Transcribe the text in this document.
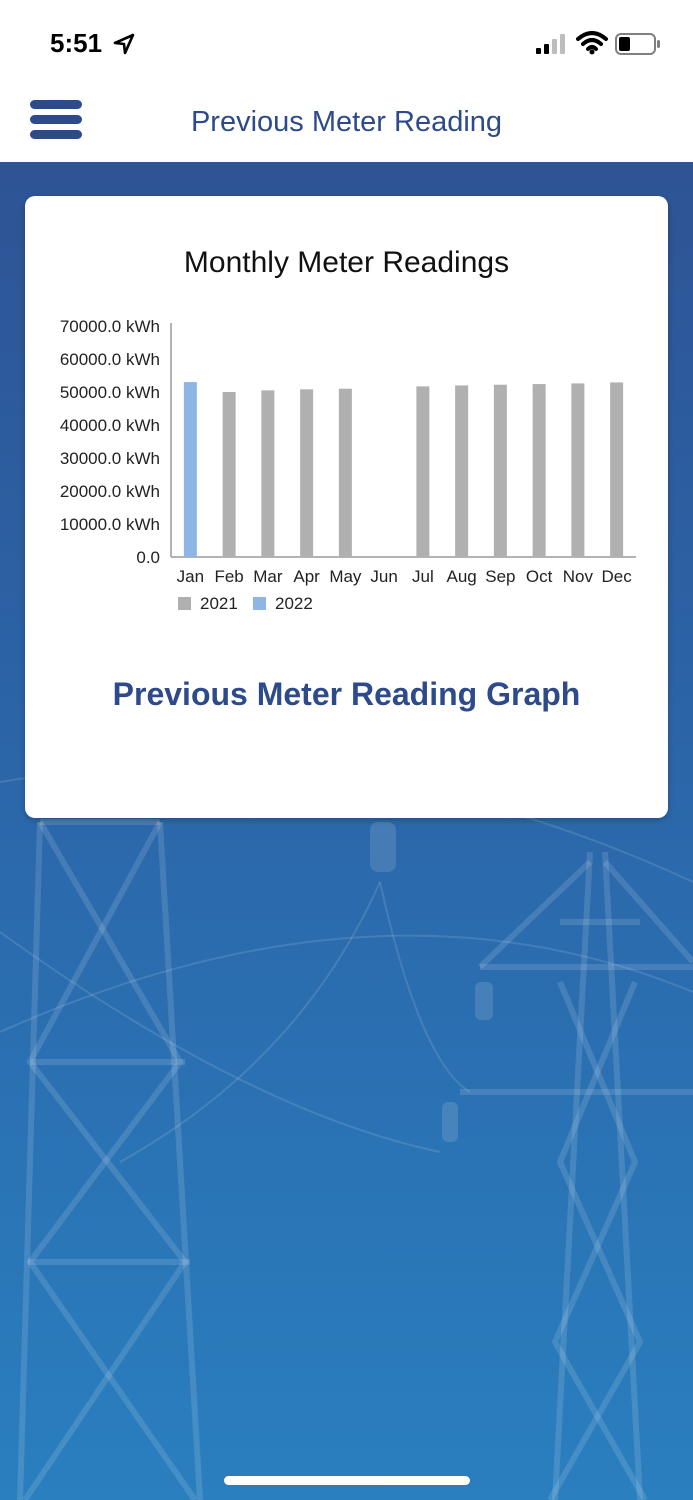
5:51
Previous Meter Reading
Monthly Meter Readings
0.0
10000.0 kWh
20000.0 kWh
30000.0 kWh
40000.0 kWh
50000.0 kWh
60000.0 kWh
70000.0 kWh
Jan Feb Mar Apr May Jun Jul Aug Sep Oct Nov Dec
2021 2022
Previous Meter Reading Graph
